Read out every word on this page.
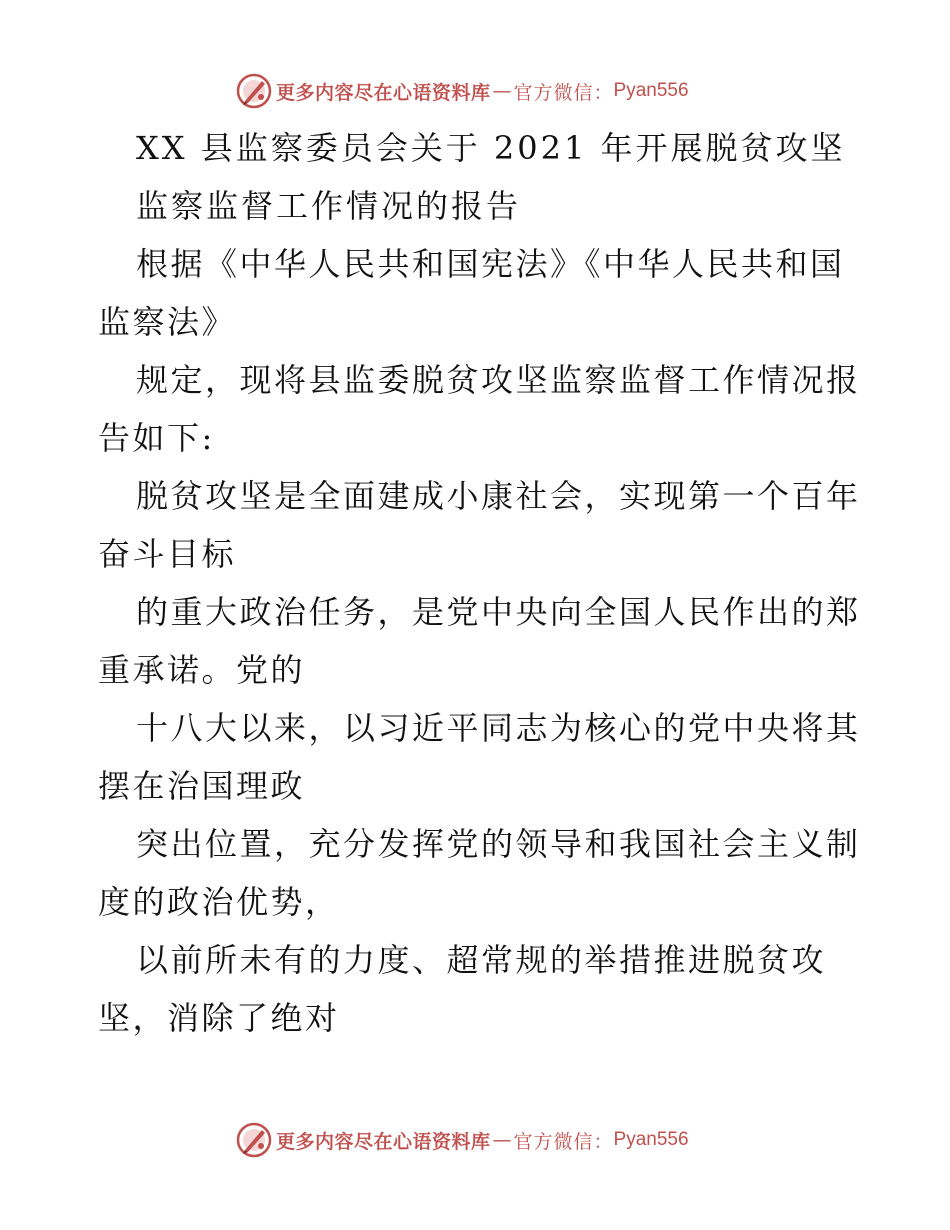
更多内容尽在心语资料库 — 官方微信： Pyan556
XX 县监察委员会关于 2021 年开展脱贫攻坚
监察监督工作情况的报告
根据《中华人民共和国宪法》《中华人民共和国
监察法》
规定，现将县监委脱贫攻坚监察监督工作情况报
告如下:
脱贫攻坚是全面建成小康社会，实现第一个百年
奋斗目标
的重大政治任务，是党中央向全国人民作出的郑
重承诺。党的
十八大以来，以习近平同志为核心的党中央将其
摆在治国理政
突出位置，充分发挥党的领导和我国社会主义制
度的政治优势，
以前所未有的力度、超常规的举措推进脱贫攻
坚，消除了绝对
更多内容尽在心语资料库 — 官方微信： Pyan556
